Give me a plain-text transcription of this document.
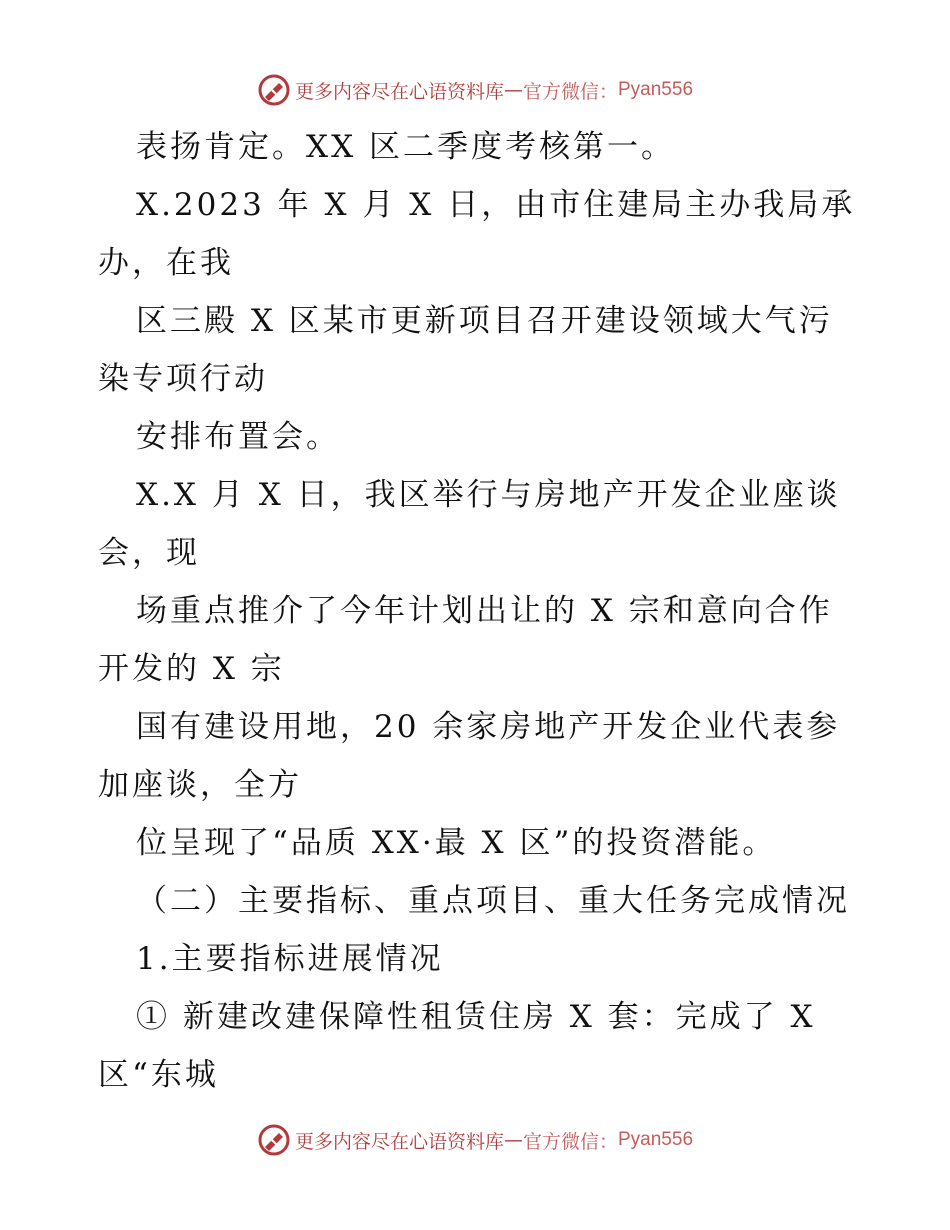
更多内容尽在心语资料库 — 官方微信： Pyan556
表扬肯定。XX 区二季度考核第一。
X.2023 年 X 月 X 日，由市住建局主办我局承
办，在我
区三殿 X 区某市更新项目召开建设领域大气污
染专项行动
安排布置会。
X.X 月 X 日，我区举行与房地产开发企业座谈
会，现
场重点推介了今年计划出让的 X 宗和意向合作
开发的 X 宗
国有建设用地，20 余家房地产开发企业代表参
加座谈，全方
位呈现了“品质 XX·最 X 区”的投资潜能。
（二）主要指标、重点项目、重大任务完成情况
1.主要指标进展情况
① 新建改建保障性租赁住房 X 套：完成了 X
区“东城
更多内容尽在心语资料库 — 官方微信： Pyan556
